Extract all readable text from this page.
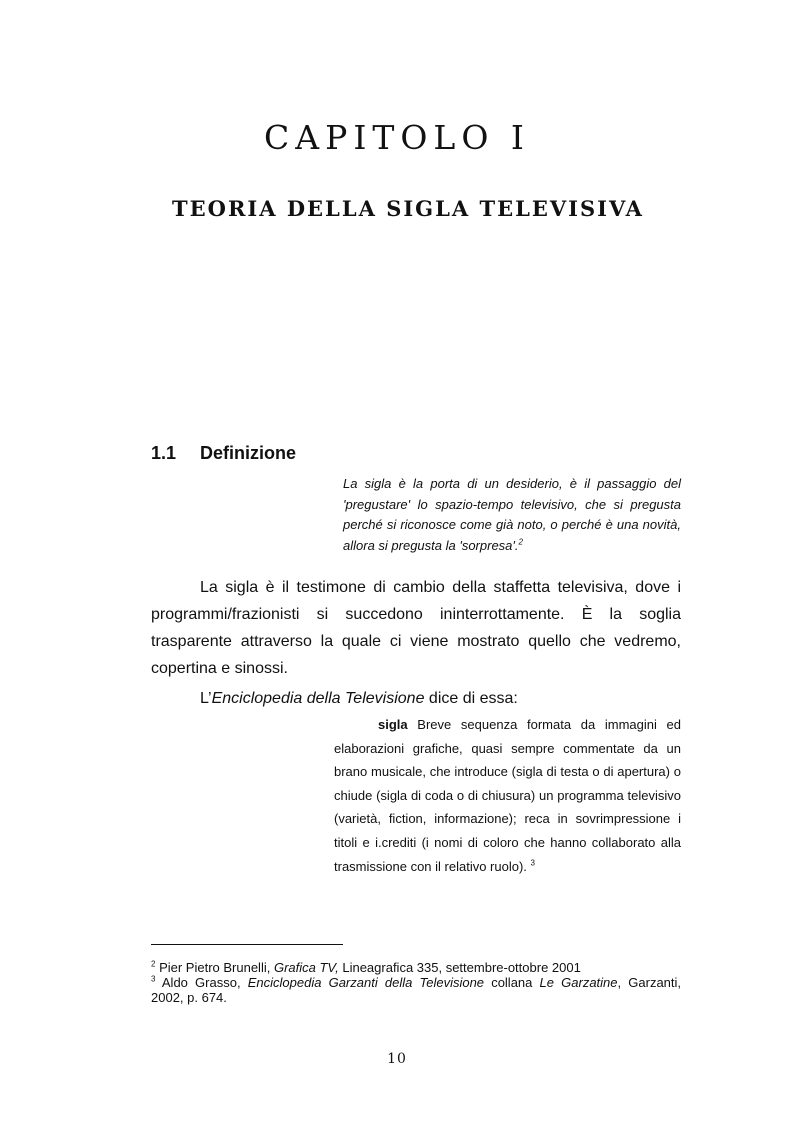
CAPITOLO I
TEORIA DELLA SIGLA TELEVISIVA
1.1 Definizione

La sigla è la porta di un desiderio, è il passaggio del 'pregustare' lo spazio-tempo televisivo, che si pregusta perché si riconosce come già noto, o perché è una novità, allora si pregusta la 'sorpresa'.$^2$

La sigla è il testimone di cambio della staffetta televisiva, dove i programmi/frazionisti si succedono ininterrottamente. È la soglia trasparente attraverso la quale ci viene mostrato quello che vedremo, copertina e sinossi.

L’Enciclopedia della Televisione dice di essa:

sigla Breve sequenza formata da immagini ed elaborazioni grafiche, quasi sempre commentate da un brano musicale, che introduce (sigla di testa o di apertura) o chiude (sigla di coda o di chiusura) un programma televisivo (varietà, fiction, informazione); reca in sovrimpressione i titoli e i.crediti (i nomi di coloro che hanno collaborato alla trasmissione con il relativo ruolo). $^3$

$^2$ Pier Pietro Brunelli, Grafica TV, Lineagrafica 335, settembre-ottobre 2001

$^3$ Aldo Grasso, Enciclopedia Garzanti della Televisione collana Le Garzatine, Garzanti, 2002, p. 674.

10
